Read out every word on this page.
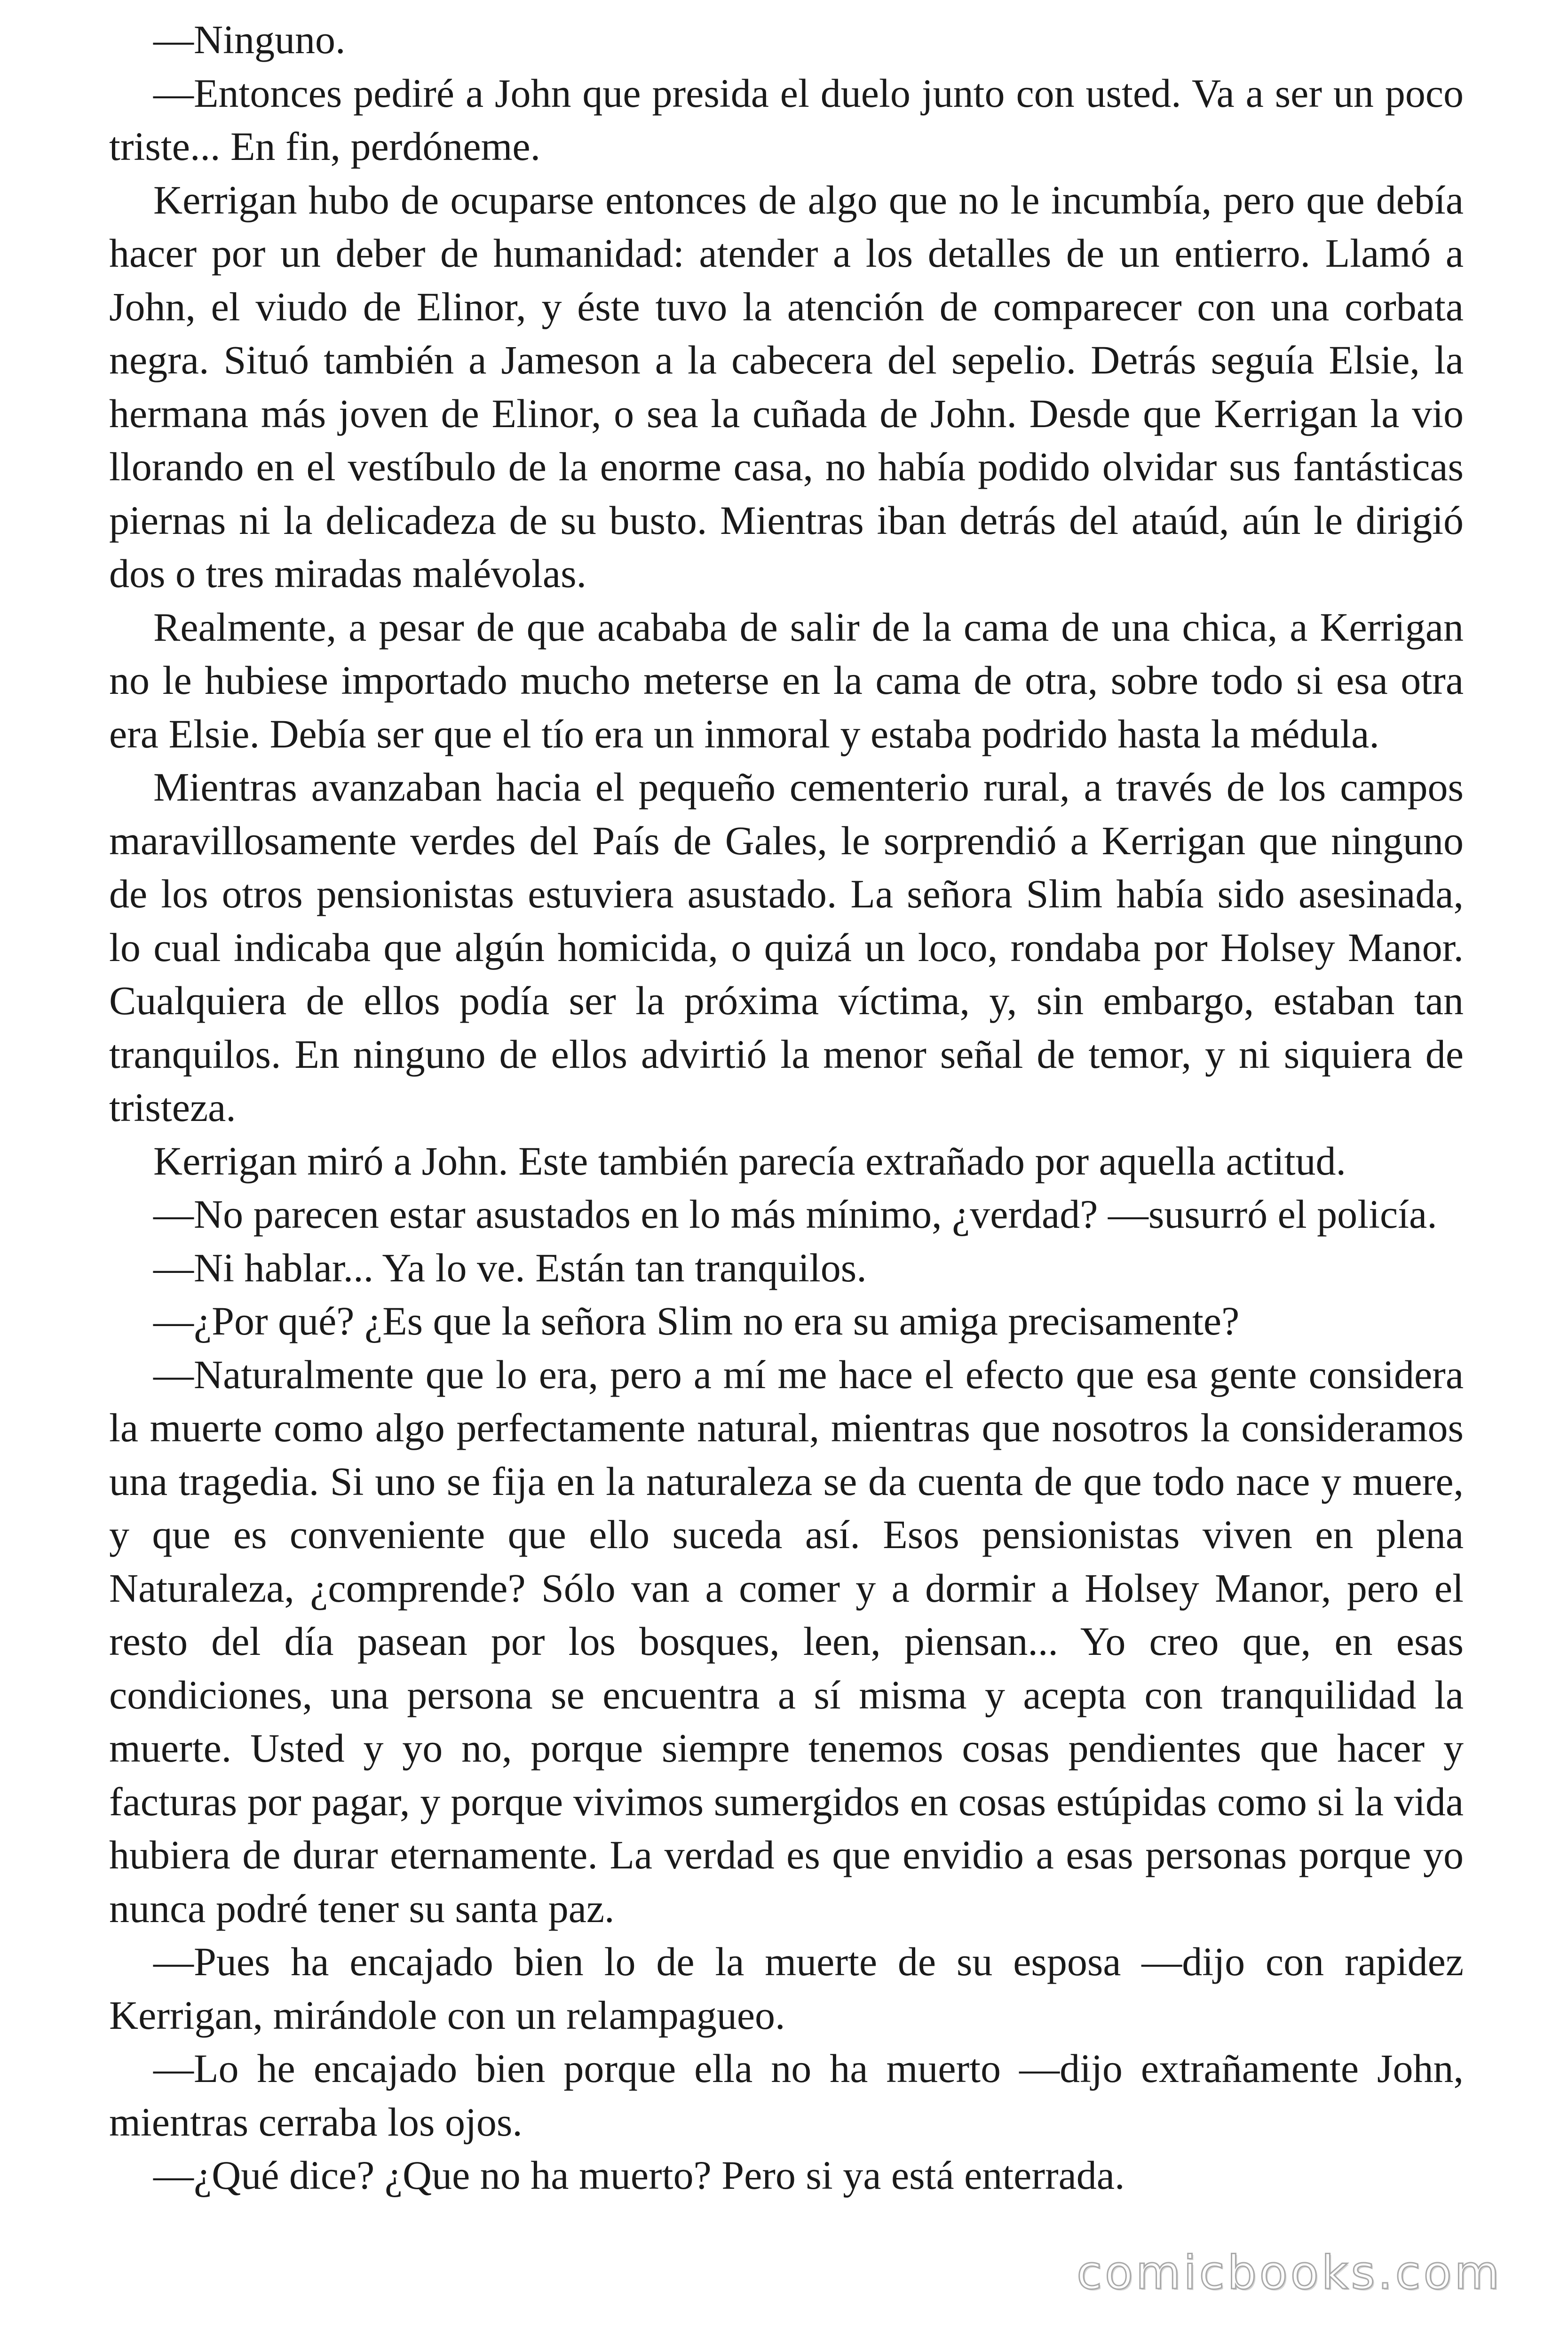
—Ninguno.

—Entonces pediré a John que presida el duelo junto con usted. Va a ser un poco triste... En fin, perdóneme.

Kerrigan hubo de ocuparse entonces de algo que no le incumbía, pero que debía hacer por un deber de humanidad: atender a los detalles de un entierro. Llamó a John, el viudo de Elinor, y éste tuvo la atención de comparecer con una corbata negra. Situó también a Jameson a la cabecera del sepelio. Detrás seguía Elsie, la hermana más joven de Elinor, o sea la cuñada de John. Desde que Kerrigan la vio llorando en el vestíbulo de la enorme casa, no había podido olvidar sus fantásticas piernas ni la delicadeza de su busto. Mientras iban detrás del ataúd, aún le dirigió dos o tres miradas malévolas.

Realmente, a pesar de que acababa de salir de la cama de una chica, a Kerrigan no le hubiese importado mucho meterse en la cama de otra, sobre todo si esa otra era Elsie. Debía ser que el tío era un inmoral y estaba podrido hasta la médula.

Mientras avanzaban hacia el pequeño cementerio rural, a través de los campos maravillosamente verdes del País de Gales, le sorprendió a Kerrigan que ninguno de los otros pensionistas estuviera asustado. La señora Slim había sido asesinada, lo cual indicaba que algún homicida, o quizá un loco, rondaba por Holsey Manor. Cualquiera de ellos podía ser la próxima víctima, y, sin embargo, estaban tan tranquilos. En ninguno de ellos advirtió la menor señal de temor, y ni siquiera de tristeza.

Kerrigan miró a John. Este también parecía extrañado por aquella actitud.

—No parecen estar asustados en lo más mínimo, ¿verdad? —susurró el policía.

—Ni hablar... Ya lo ve. Están tan tranquilos.

—¿Por qué? ¿Es que la señora Slim no era su amiga precisamente?

—Naturalmente que lo era, pero a mí me hace el efecto que esa gente considera la muerte como algo perfectamente natural, mientras que nosotros la consideramos una tragedia. Si uno se fija en la naturaleza se da cuenta de que todo nace y muere, y que es conveniente que ello suceda así. Esos pensionistas viven en plena Naturaleza, ¿comprende? Sólo van a comer y a dormir a Holsey Manor, pero el resto del día pasean por los bosques, leen, piensan... Yo creo que, en esas condiciones, una persona se encuentra a sí misma y acepta con tranquilidad la muerte. Usted y yo no, porque siempre tenemos cosas pendientes que hacer y facturas por pagar, y porque vivimos sumergidos en cosas estúpidas como si la vida hubiera de durar eternamente. La verdad es que envidio a esas personas porque yo nunca podré tener su santa paz.

—Pues ha encajado bien lo de la muerte de su esposa —dijo con rapidez Kerrigan, mirándole con un relampagueo.

—Lo he encajado bien porque ella no ha muerto —dijo extrañamente John, mientras cerraba los ojos.

—¿Qué dice? ¿Que no ha muerto? Pero si ya está enterrada.

comicbooks.com
